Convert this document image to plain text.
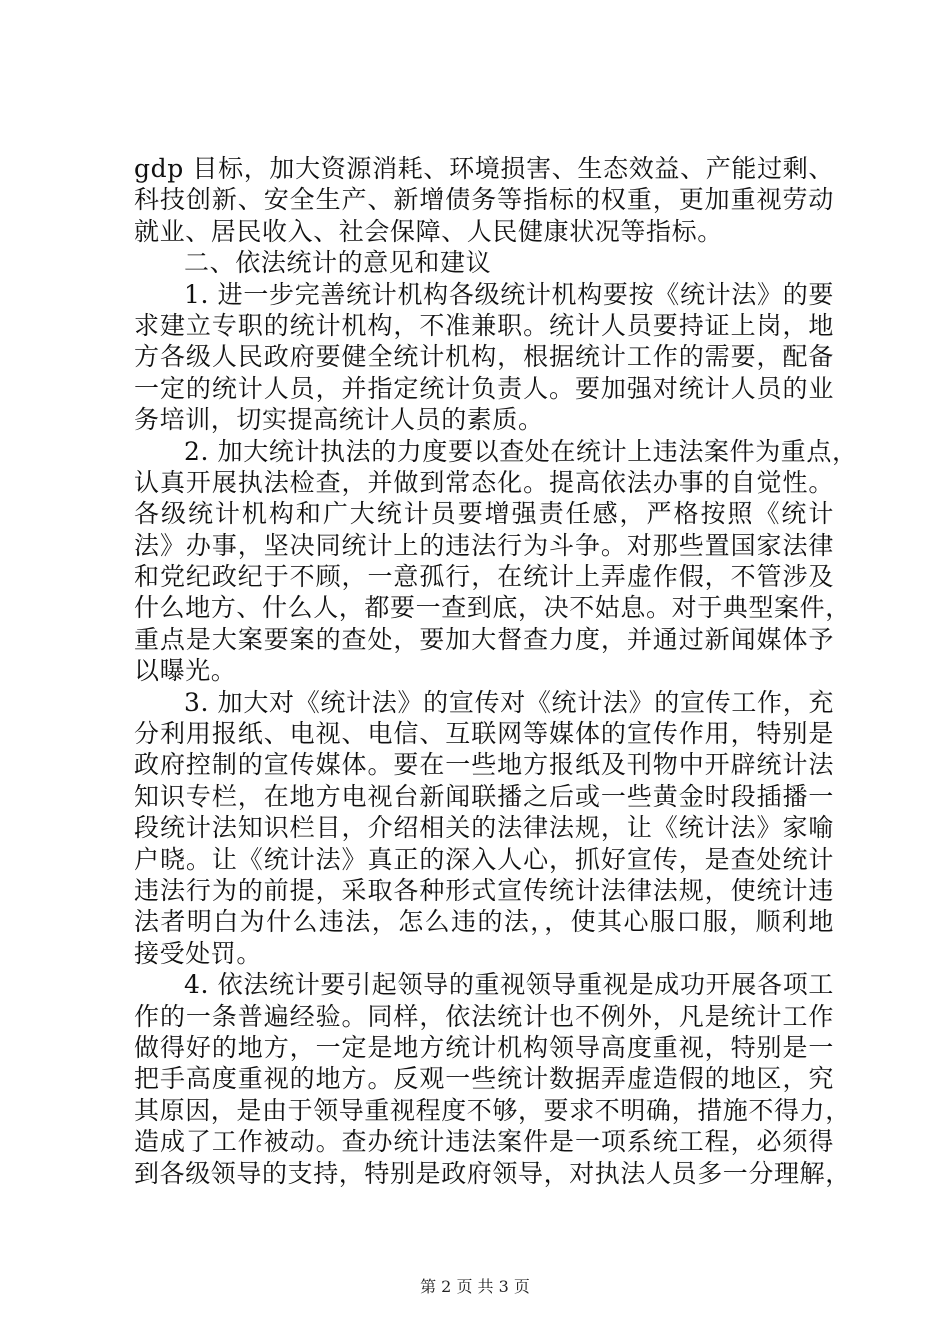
gdp 目标，加大资源消耗、环境损害、生态效益、产能过剩、
科技创新、安全生产、新增债务等指标的权重，更加重视劳动
就业、居民收入、社会保障、人民健康状况等指标。
二、依法统计的意见和建议
1. 进一步完善统计机构各级统计机构要按《统计法》的要
求建立专职的统计机构，不准兼职。统计人员要持证上岗，地
方各级人民政府要健全统计机构，根据统计工作的需要，配备
一定的统计人员，并指定统计负责人。要加强对统计人员的业
务培训，切实提高统计人员的素质。
2. 加大统计执法的力度要以查处在统计上违法案件为重点，
认真开展执法检查，并做到常态化。提高依法办事的自觉性。
各级统计机构和广大统计员要增强责任感，严格按照《统计
法》办事，坚决同统计上的违法行为斗争。对那些置国家法律
和党纪政纪于不顾，一意孤行，在统计上弄虚作假，不管涉及
什么地方、什么人，都要一查到底，决不姑息。对于典型案件，
重点是大案要案的查处，要加大督查力度，并通过新闻媒体予
以曝光。
3. 加大对《统计法》的宣传对《统计法》的宣传工作，充
分利用报纸、电视、电信、互联网等媒体的宣传作用，特别是
政府控制的宣传媒体。要在一些地方报纸及刊物中开辟统计法
知识专栏，在地方电视台新闻联播之后或一些黄金时段插播一
段统计法知识栏目，介绍相关的法律法规，让《统计法》家喻
户晓。让《统计法》真正的深入人心，抓好宣传，是查处统计
违法行为的前提，采取各种形式宣传统计法律法规，使统计违
法者明白为什么违法，怎么违的法，，使其心服口服，顺利地
接受处罚。
4. 依法统计要引起领导的重视领导重视是成功开展各项工
作的一条普遍经验。同样，依法统计也不例外，凡是统计工作
做得好的地方，一定是地方统计机构领导高度重视，特别是一
把手高度重视的地方。反观一些统计数据弄虚造假的地区，究
其原因，是由于领导重视程度不够，要求不明确，措施不得力，
造成了工作被动。查办统计违法案件是一项系统工程，必须得
到各级领导的支持，特别是政府领导，对执法人员多一分理解，
第 2 页 共 3 页
